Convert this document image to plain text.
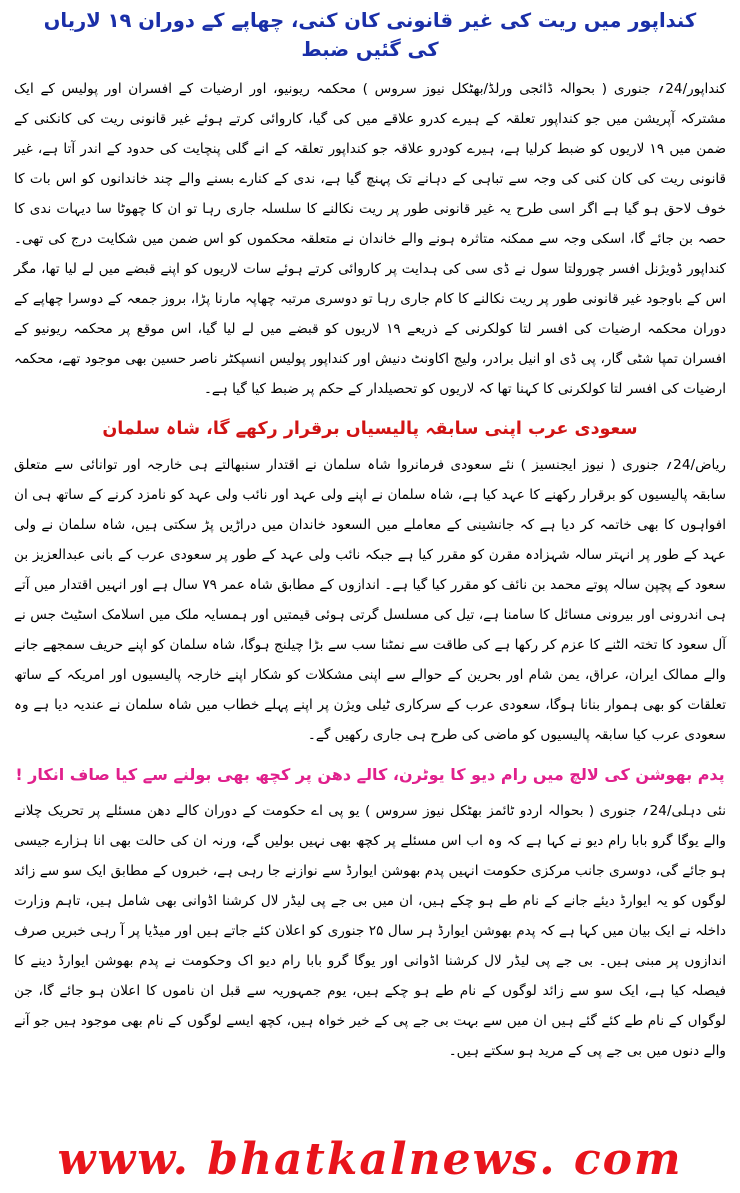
کنداپور میں ریت کی غیر قانونی کان کنی، چھاپے کے دوران ۱۹ لاریاں کی گئیں ضبط

کنداپور/24؍ جنوری ( بحوالہ ڈائجی ورلڈ/بھٹکل نیوز سروس ) محکمہ ریونیو، اور ارضیات کے افسران اور پولیس کے ایک مشترکہ آپریشن میں جو کنداپور تعلقہ کے ہیرے کدرو علاقے میں کی گیا، کاروائی کرتے ہوئے غیر قانونی ریت کی کانکنی کے ضمن میں ۱۹ لاریوں کو ضبط کرلیا ہے، ہیرے کودرو علاقہ جو کنداپور تعلقہ کے انے گلی پنچایت کی حدود کے اندر آتا ہے، غیر قانونی ریت کی کان کنی کی وجہ سے تباہی کے دہانے تک پہنچ گیا ہے، ندی کے کنارے بسنے والے چند خاندانوں کو اس بات کا خوف لاحق ہو گیا ہے اگر اسی طرح یہ غیر قانونی طور پر ریت نکالنے کا سلسلہ جاری رہا تو ان کا چھوٹا سا دیہات ندی کا حصہ بن جائے گا، اسکی وجہ سے ممکنہ متاثرہ ہونے والے خاندان نے متعلقہ محکموں کو اس ضمن میں شکایت درج کی تھی۔ کنداپور ڈویژنل افسر چورولتا سول نے ڈی سی کی ہدایت پر کاروائی کرتے ہوئے سات لاریوں کو اپنے قبضے میں لے لیا تھا، مگر اس کے باوجود غیر قانونی طور پر ریت نکالنے کا کام جاری رہا تو دوسری مرتبہ چھاپہ مارنا پڑا، بروز جمعہ کے دوسرا چھاپے کے دوران محکمہ ارضیات کی افسر لتا کولکرنی کے ذریعے ۱۹ لاریوں کو قبضے میں لے لیا گیا، اس موقع پر محکمہ ریونیو کے افسران تمپا شٹی گار، پی ڈی او انیل برادر، ولیج اکاونٹ دنیش اور کنداپور پولیس انسپکٹر ناصر حسین بھی موجود تھے، محکمہ ارضیات کی افسر لتا کولکرنی کا کہنا تھا کہ لاریوں کو تحصیلدار کے حکم پر ضبط کیا گیا ہے۔

سعودی عرب اپنی سابقہ پالیسیاں برقرار رکھے گا، شاہ سلمان

ریاض/24؍ جنوری ( نیوز ایجنسیز ) نئے سعودی فرمانروا شاہ سلمان نے اقتدار سنبھالتے ہی خارجہ اور توانائی سے متعلق سابقہ پالیسیوں کو برقرار رکھنے کا عہد کیا ہے، شاہ سلمان نے اپنے ولی عہد اور نائب ولی عہد کو نامزد کرنے کے ساتھ ہی ان افواہوں کا بھی خاتمہ کر دیا ہے کہ جانشینی کے معاملے میں السعود خاندان میں دراڑیں پڑ سکتی ہیں، شاہ سلمان نے ولی عہد کے طور پر انہتر سالہ شہزادہ مقرن کو مقرر کیا ہے جبکہ نائب ولی عہد کے طور پر سعودی عرب کے بانی عبدالعزیز بن سعود کے پچپن سالہ پوتے محمد بن نائف کو مقرر کیا گیا ہے۔ اندازوں کے مطابق شاہ عمر ۷۹ سال ہے اور انہیں اقتدار میں آتے ہی اندرونی اور بیرونی مسائل کا سامنا ہے، تیل کی مسلسل گرتی ہوئی قیمتیں اور ہمسایہ ملک میں اسلامک اسٹیٹ جس نے آل سعود کا تختہ الٹنے کا عزم کر رکھا ہے کی طاقت سے نمٹنا سب سے بڑا چیلنج ہوگا، شاہ سلمان کو اپنے حریف سمجھے جانے والے ممالک ایران، عراق، یمن شام اور بحرین کے حوالے سے اپنی مشکلات کو شکار اپنے خارجہ پالیسیوں اور امریکہ کے ساتھ تعلقات کو بھی ہموار بنانا ہوگا، سعودی عرب کے سرکاری ٹیلی ویژن پر اپنے پہلے خطاب میں شاہ سلمان نے عندیہ دیا ہے وہ سعودی عرب کیا سابقہ پالیسیوں کو ماضی کی طرح ہی جاری رکھیں گے۔

پدم بھوشن کی لالچ میں رام دیو کا یوٹرن، کالے دھن پر کچھ بھی بولنے سے کیا صاف انکار !

نئی دہلی/24؍ جنوری ( بحوالہ اردو ٹائمز بھٹکل نیوز سروس ) یو پی اے حکومت کے دوران کالے دھن مسئلے پر تحریک چلانے والے یوگا گرو بابا رام دیو نے کہا ہے کہ وہ اب اس مسئلے پر کچھ بھی نہیں بولیں گے، ورنہ ان کی حالت بھی انا ہزارے جیسی ہو جائے گی، دوسری جانب مرکزی حکومت انہیں پدم بھوشن ایوارڈ سے نوازنے جا رہی ہے، خبروں کے مطابق ایک سو سے زائد لوگوں کو یہ ایوارڈ دیئے جانے کے نام طے ہو چکے ہیں، ان میں بی جے پی لیڈر لال کرشنا اڈوانی بھی شامل ہیں، تاہم وزارت داخلہ نے ایک بیان میں کہا ہے کہ پدم بھوشن ایوارڈ ہر سال ۲۵ جنوری کو اعلان کئے جاتے ہیں اور میڈیا پر آ رہی خبریں صرف اندازوں پر مبنی ہیں۔ بی جے پی لیڈر لال کرشنا اڈوانی اور یوگا گرو بابا رام دیو اک وحکومت نے پدم بھوشن ایوارڈ دینے کا فیصلہ کیا ہے، ایک سو سے زائد لوگوں کے نام طے ہو چکے ہیں، یوم جمہوریہ سے قبل ان ناموں کا اعلان ہو جائے گا، جن لوگواں کے نام طے کئے گئے ہیں ان میں سے بہت بی جے پی کے خیر خواہ ہیں، کچھ ایسے لوگوں کے نام بھی موجود ہیں جو آنے والے دنوں میں بی جے پی کے مرید ہو سکتے ہیں۔

www. bhatkalnews. com
